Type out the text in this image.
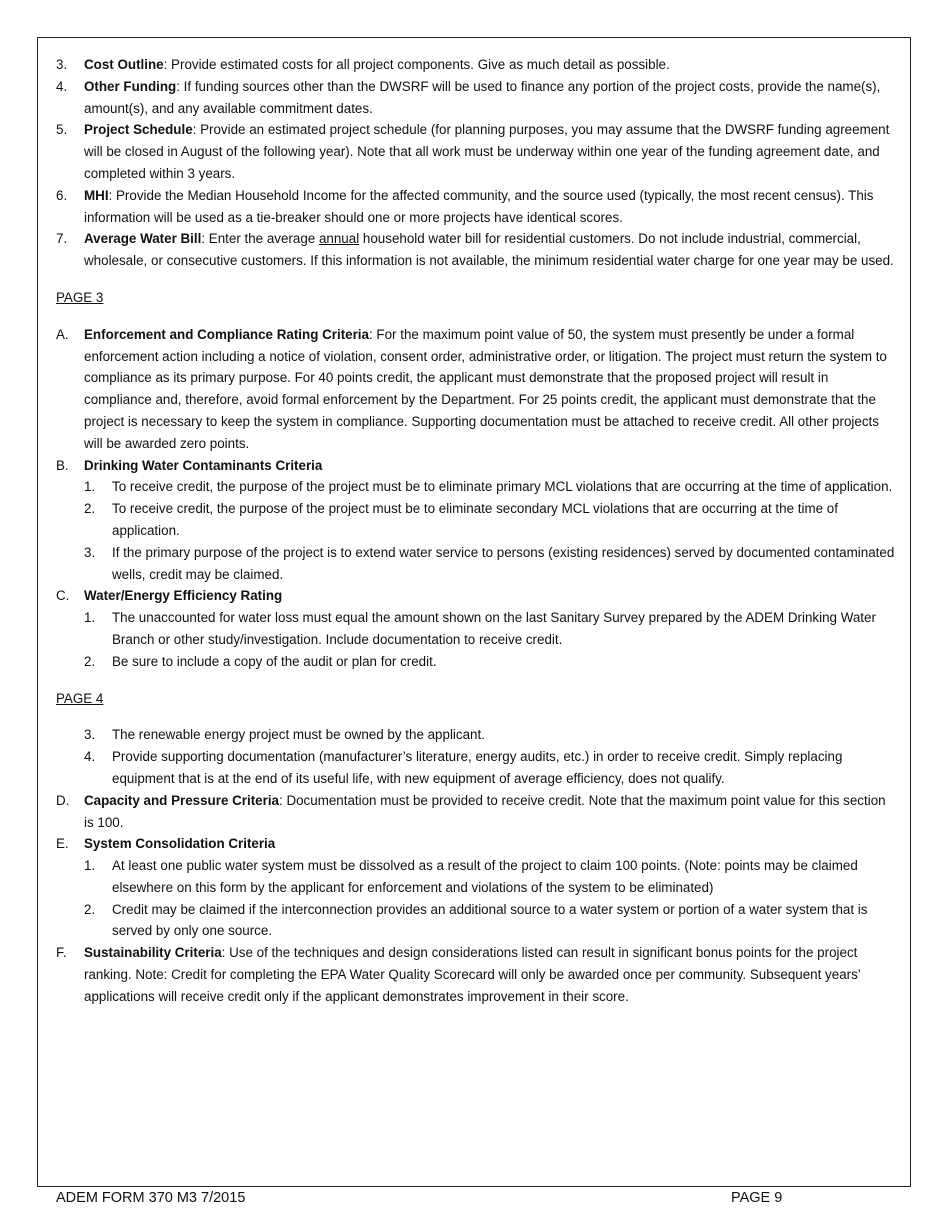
3.	Cost Outline: Provide estimated costs for all project components. Give as much detail as possible.
4.	Other Funding: If funding sources other than the DWSRF will be used to finance any portion of the project costs, provide the name(s), amount(s), and any available commitment dates.
5.	Project Schedule: Provide an estimated project schedule (for planning purposes, you may assume that the DWSRF funding agreement will be closed in August of the following year). Note that all work must be underway within one year of the funding agreement date, and completed within 3 years.
6.	MHI: Provide the Median Household Income for the affected community, and the source used (typically, the most recent census). This information will be used as a tie-breaker should one or more projects have identical scores.
7.	Average Water Bill: Enter the average annual household water bill for residential customers. Do not include industrial, commercial, wholesale, or consecutive customers. If this information is not available, the minimum residential water charge for one year may be used.
PAGE 3
A.	Enforcement and Compliance Rating Criteria: For the maximum point value of 50, the system must presently be under a formal enforcement action including a notice of violation, consent order, administrative order, or litigation. The project must return the system to compliance as its primary purpose. For 40 points credit, the applicant must demonstrate that the proposed project will result in compliance and, therefore, avoid formal enforcement by the Department. For 25 points credit, the applicant must demonstrate that the project is necessary to keep the system in compliance. Supporting documentation must be attached to receive credit. All other projects will be awarded zero points.
B.	Drinking Water Contaminants Criteria
1.	To receive credit, the purpose of the project must be to eliminate primary MCL violations that are occurring at the time of application.
2.	To receive credit, the purpose of the project must be to eliminate secondary MCL violations that are occurring at the time of application.
3.	If the primary purpose of the project is to extend water service to persons (existing residences) served by documented contaminated wells, credit may be claimed.
C.	Water/Energy Efficiency Rating
1.	The unaccounted for water loss must equal the amount shown on the last Sanitary Survey prepared by the ADEM Drinking Water Branch or other study/investigation. Include documentation to receive credit.
2.	Be sure to include a copy of the audit or plan for credit.
PAGE 4
3.	The renewable energy project must be owned by the applicant.
4.	Provide supporting documentation (manufacturer’s literature, energy audits, etc.) in order to receive credit. Simply replacing equipment that is at the end of its useful life, with new equipment of average efficiency, does not qualify.
D.	Capacity and Pressure Criteria: Documentation must be provided to receive credit. Note that the maximum point value for this section is 100.
E.	System Consolidation Criteria
1.	At least one public water system must be dissolved as a result of the project to claim 100 points. (Note: points may be claimed elsewhere on this form by the applicant for enforcement and violations of the system to be eliminated)
2.	Credit may be claimed if the interconnection provides an additional source to a water system or portion of a water system that is served by only one source.
F.	Sustainability Criteria: Use of the techniques and design considerations listed can result in significant bonus points for the project ranking. Note: Credit for completing the EPA Water Quality Scorecard will only be awarded once per community. Subsequent years’ applications will receive credit only if the applicant demonstrates improvement in their score.
ADEM FORM 370 M3 7/2015	PAGE 9
